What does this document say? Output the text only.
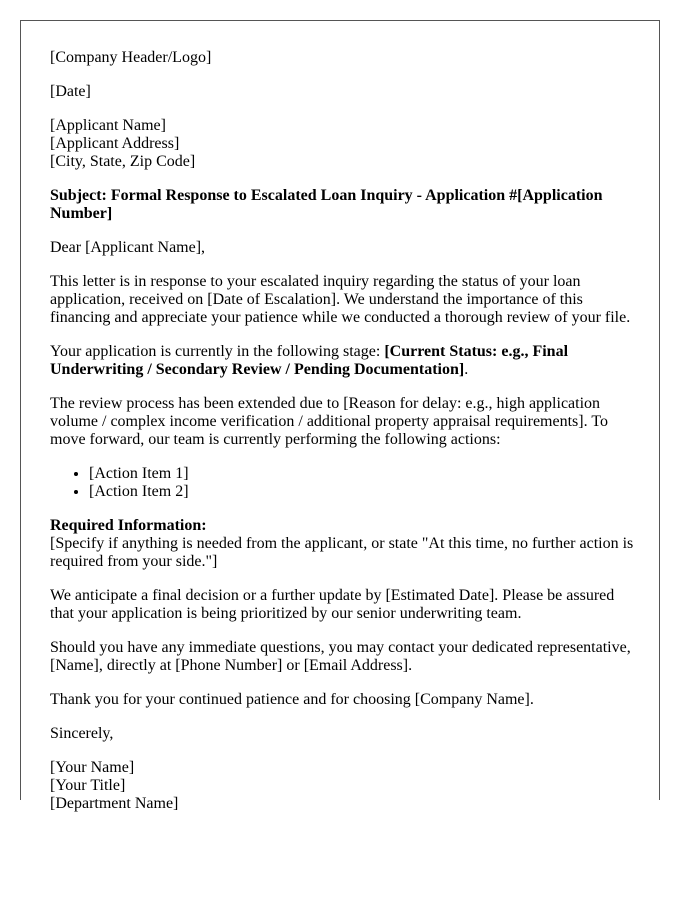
[Company Header/Logo]

[Date]

[Applicant Name]
[Applicant Address]
[City, State, Zip Code]

Subject: Formal Response to Escalated Loan Inquiry - Application #[Application Number]

Dear [Applicant Name],

This letter is in response to your escalated inquiry regarding the status of your loan application, received on [Date of Escalation]. We understand the importance of this financing and appreciate your patience while we conducted a thorough review of your file.

Your application is currently in the following stage: [Current Status: e.g., Final Underwriting / Secondary Review / Pending Documentation].

The review process has been extended due to [Reason for delay: e.g., high application volume / complex income verification / additional property appraisal requirements]. To move forward, our team is currently performing the following actions:

• [Action Item 1]
• [Action Item 2]

Required Information:
[Specify if anything is needed from the applicant, or state "At this time, no further action is required from your side."]

We anticipate a final decision or a further update by [Estimated Date]. Please be assured that your application is being prioritized by our senior underwriting team.

Should you have any immediate questions, you may contact your dedicated representative, [Name], directly at [Phone Number] or [Email Address].

Thank you for your continued patience and for choosing [Company Name].

Sincerely,

[Your Name]
[Your Title]
[Department Name]
